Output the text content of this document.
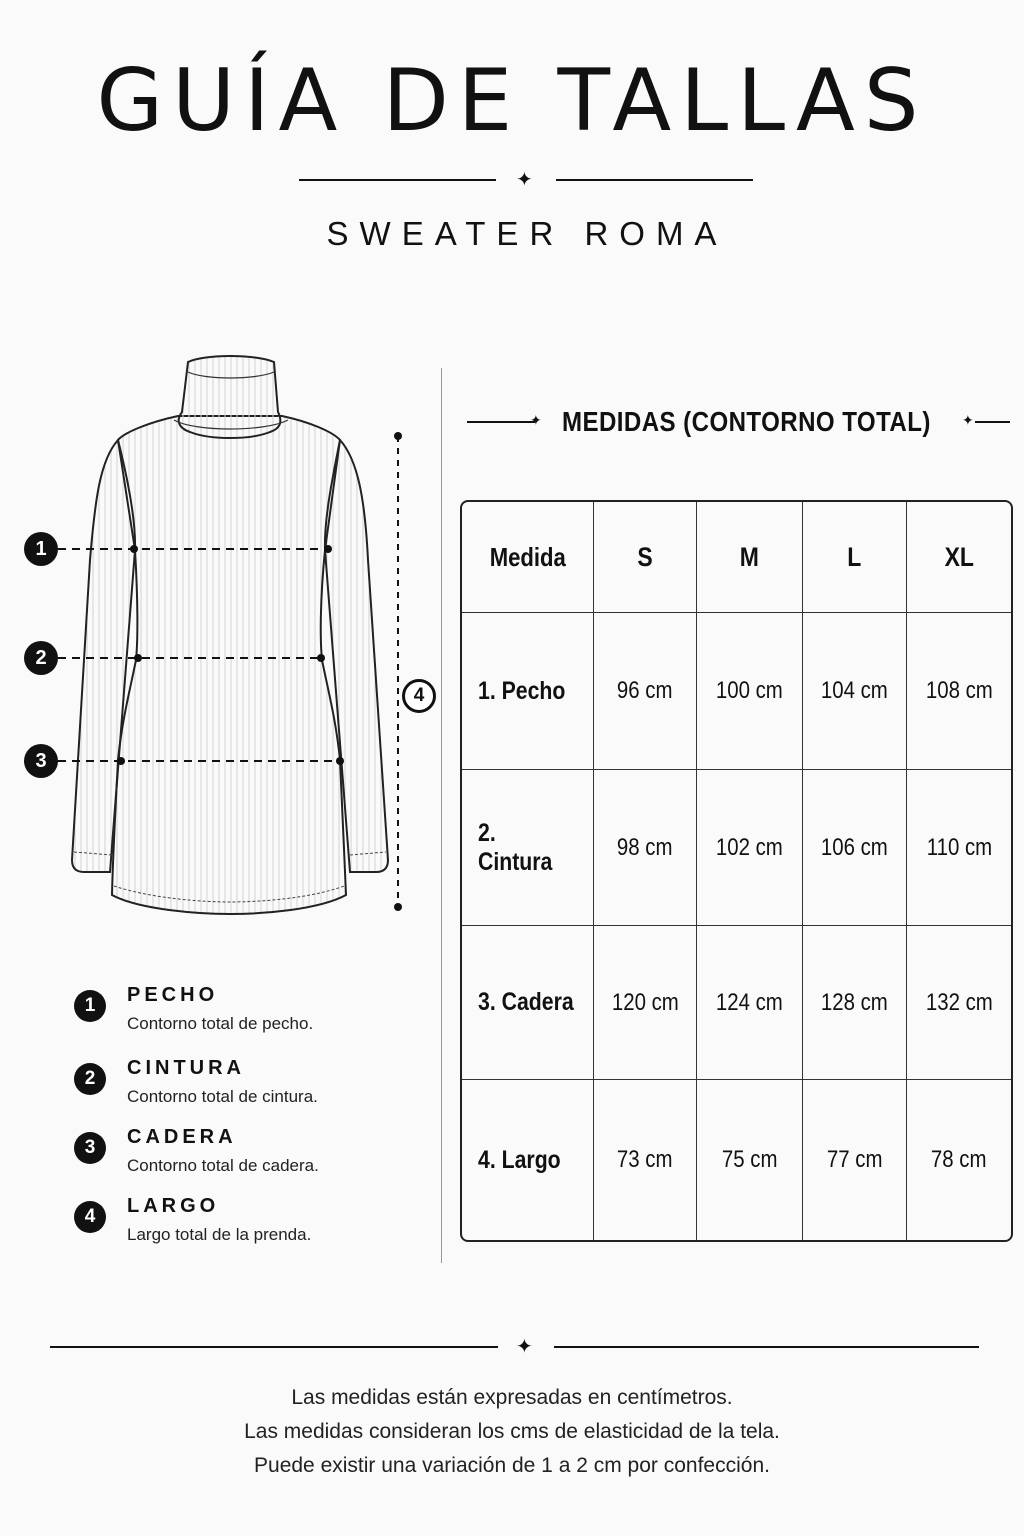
GUÍA DE TALLAS
✦
SWEATER ROMA
1
2
3
4
1	PECHO
Contorno total de pecho.
2	CINTURA
Contorno total de cintura.
3	CADERA
Contorno total de cadera.
4	LARGO
Largo total de la prenda.
✦ MEDIDAS (CONTORNO TOTAL) ✦
Medida	S	M	L	XL
1. Pecho	96 cm	100 cm	104 cm	108 cm
2. Cintura	98 cm	102 cm	106 cm	110 cm
3. Cadera	120 cm	124 cm	128 cm	132 cm
4. Largo	73 cm	75 cm	77 cm	78 cm
✦
Las medidas están expresadas en centímetros.
Las medidas consideran los cms de elasticidad de la tela.
Puede existir una variación de 1 a 2 cm por confección.
